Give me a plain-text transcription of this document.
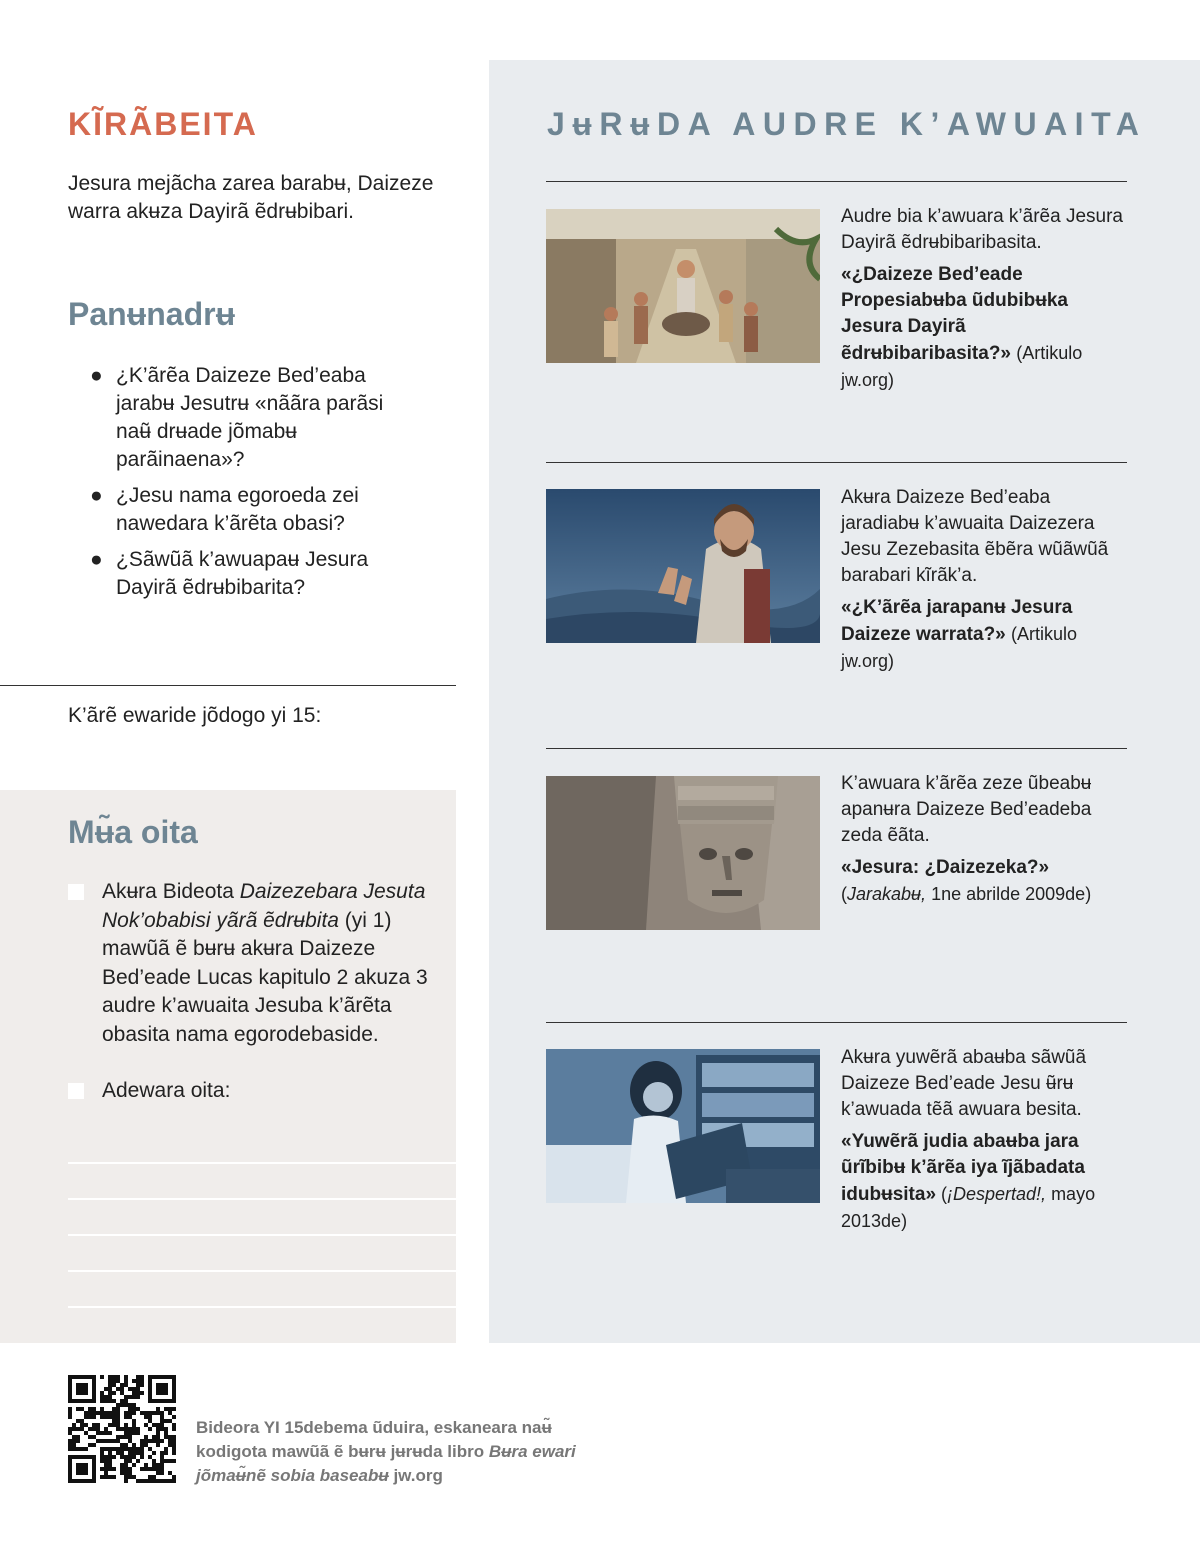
KĨRÃBEITA

Jesura mejãcha zarea barabʉ, Daizeze warra akʉza Dayirã ẽdrʉbibari.

Panʉnadrʉ
● ¿K’ãrẽa Daizeze Bed’eaba jarabʉ Jesutrʉ «nããra parãsi naʉ̃ drʉade jõmabʉ parãinaena»?
● ¿Jesu nama egoroeda zei nawedara k’ãrẽta obasi?
● ¿Sãwũã k’awuapaʉ Jesura Dayirã ẽdrʉbibarita?

K’ãrẽ ewaride jõdogo yi 15:

Mʉ̃a oita
Akʉra Bideota Daizezebara Jesuta Nok’obabisi yãrã ẽdrʉbita (yi 1) mawũã ẽ bʉrʉ akʉra Daizeze Bed’eade Lucas kapitulo 2 akuza 3 audre k’awuaita Jesuba k’ãrẽta obasita nama egorodebaside.
Adewara oita:
JʉRʉDA AUDRE K’AWUAITA

Audre bia k’awuara k’ãrẽa Jesura Dayirã ẽdrʉbibaribasita.

«¿Daizeze Bed’eade Propesiabʉba ũdubibʉka Jesura Dayirã ẽdrʉbibaribasita?» (Artikulo jw.org)

Akʉra Daizeze Bed’eaba jaradiabʉ k’awuaita Daizezera Jesu Zezebasita ẽbẽra wũãwũã barabari kĩrãk’a.

«¿K’ãrẽa jarapanʉ Jesura Daizeze warrata?» (Artikulo jw.org)

K’awuara k’ãrẽa zeze ũbeabʉ apanʉra Daizeze Bed’eadeba zeda ẽãta.

«Jesura: ¿Daizezeka?» (Jarakabʉ, 1ne abrilde 2009de)

Akʉra yuwẽrã abaʉba sãwũã Daizeze Bed’eade Jesu ʉ̃rʉ k’awuada tẽã awuara besita.

«Yuwẽrã judia abaʉba jara ũrĩbibʉ k’ãrẽa iya ĩjãbadata idubʉsita» (¡Despertad!, mayo 2013de)

Bideora YI 15debema ũduira, eskaneara naʉ̃ kodigota mawũã ẽ bʉrʉ jʉrʉda libro Bʉra ewari jõmaʉ̃nẽ sobia baseabʉ jw.org
